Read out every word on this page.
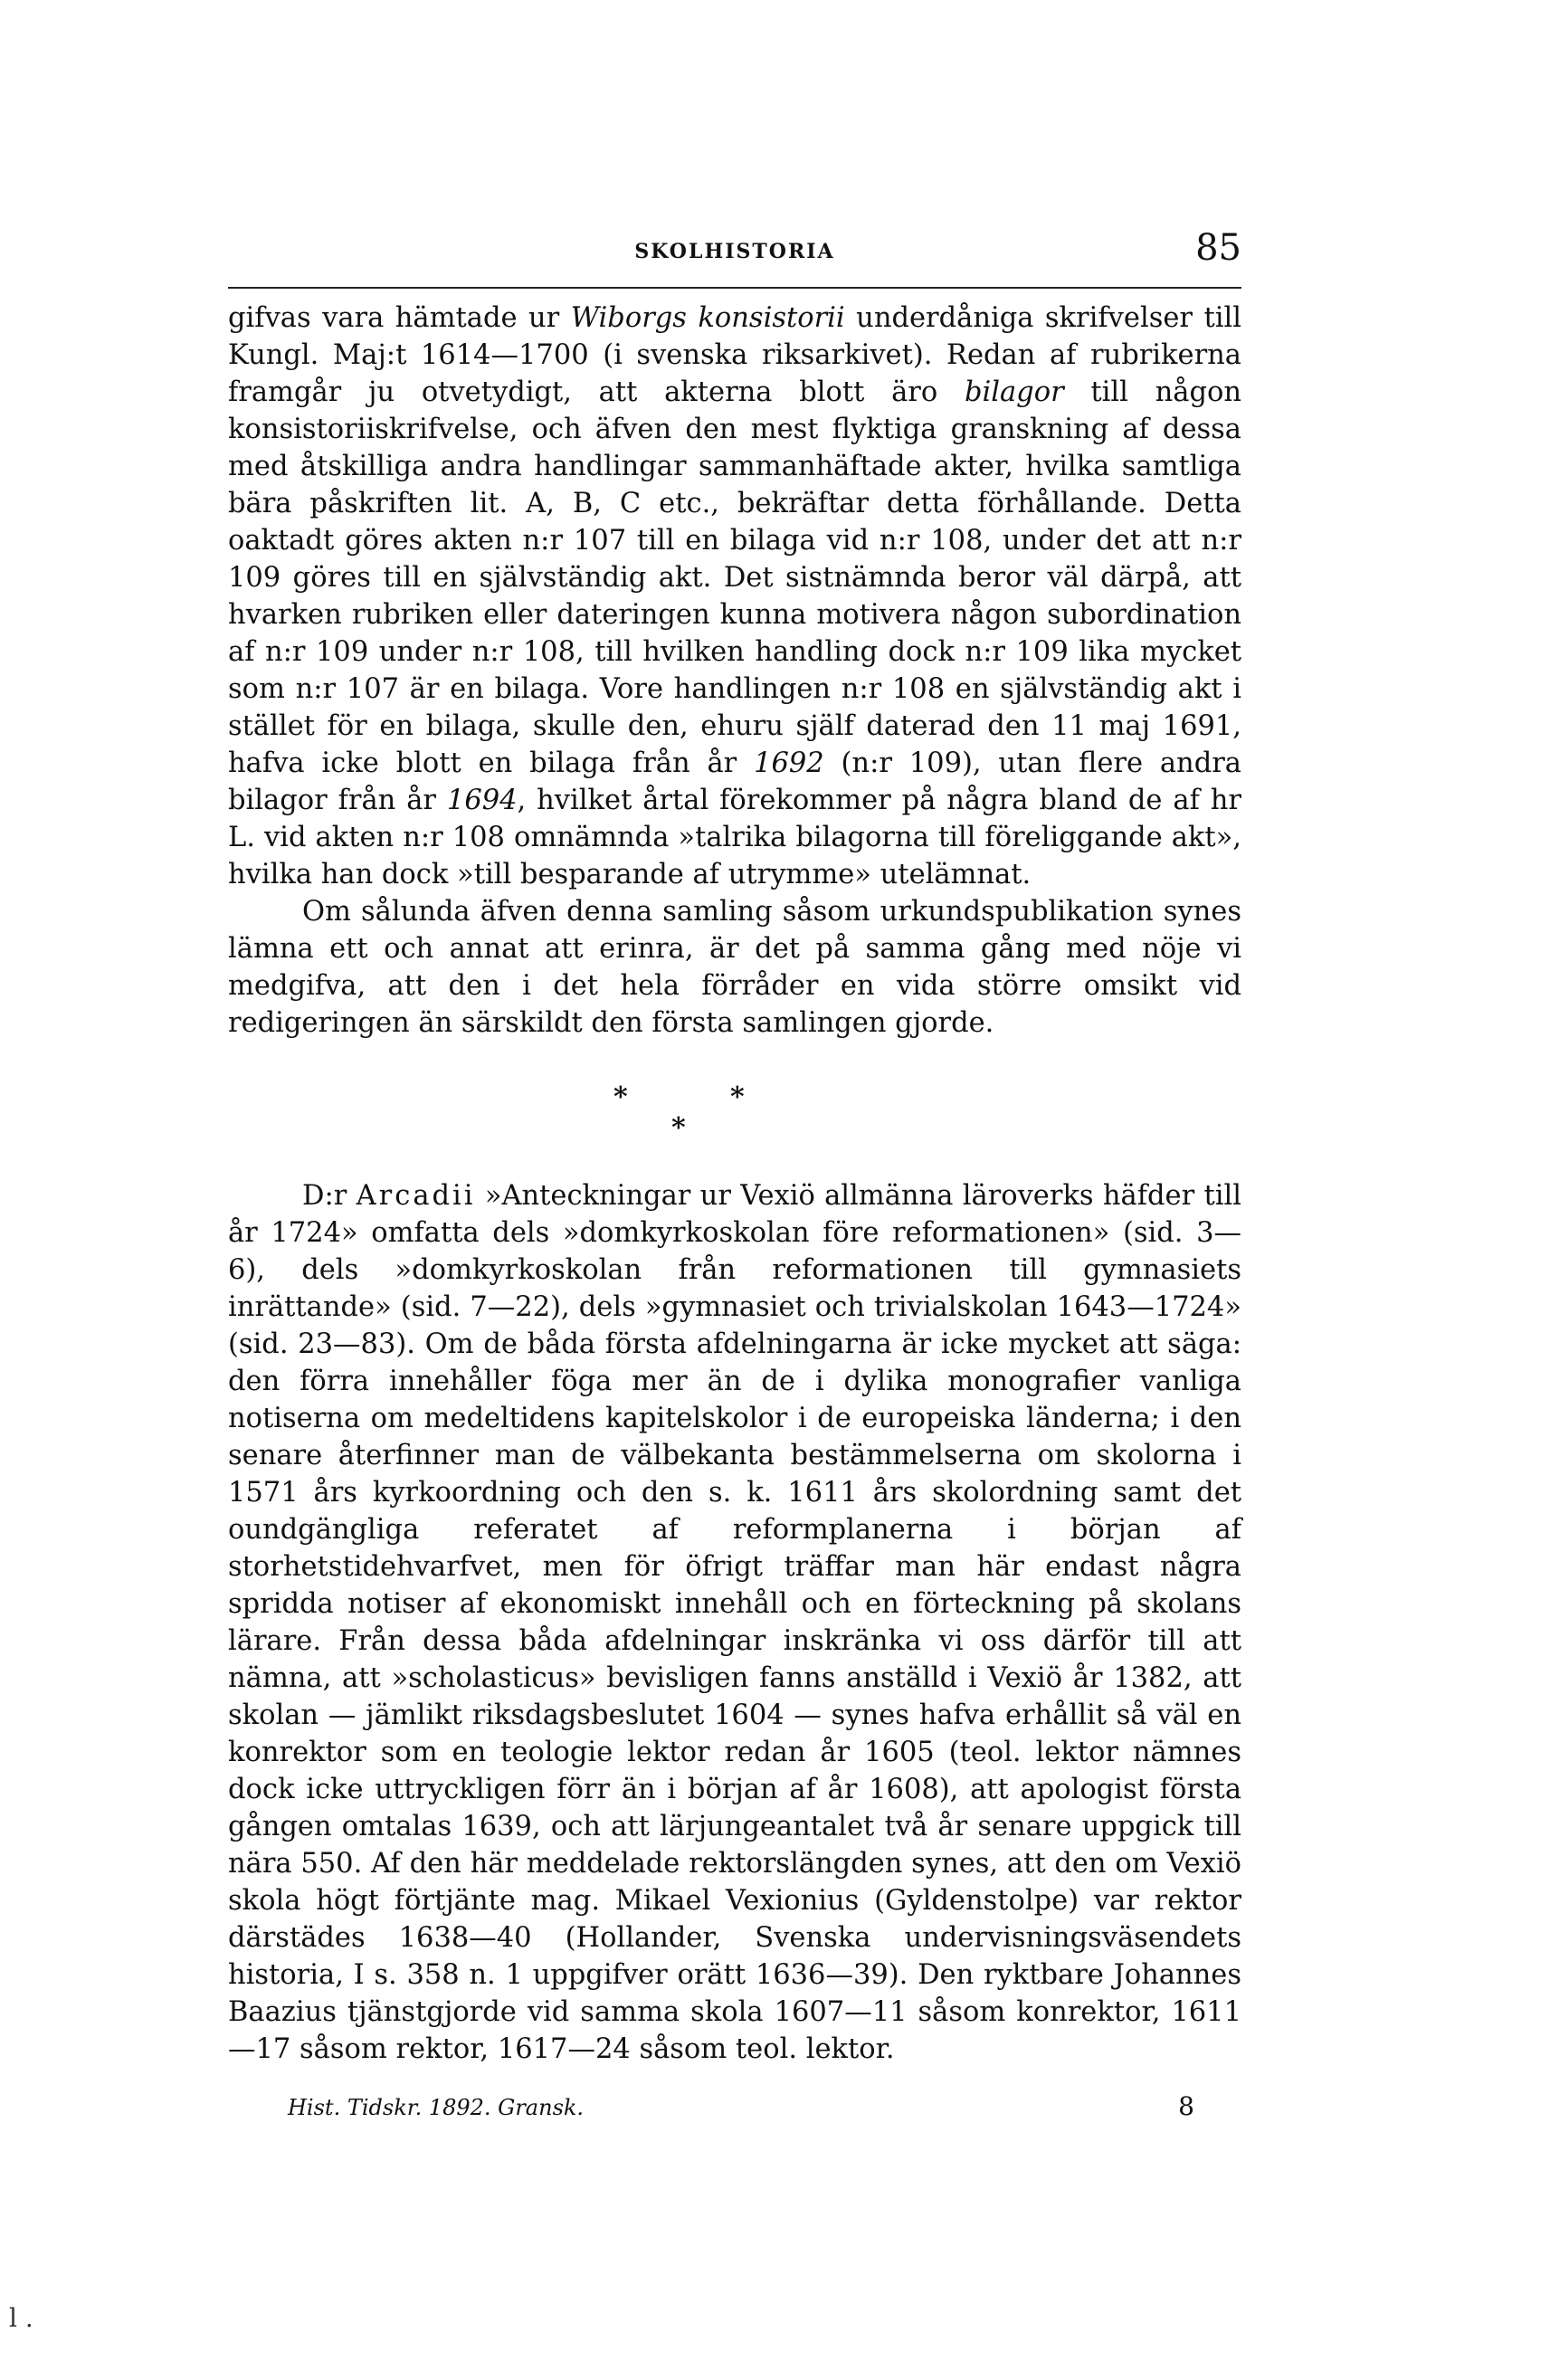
SKOLHISTORIA	85

gifvas vara hämtade ur Wiborgs konsistorii underdåniga skrifvelser till Kungl. Maj:t 1614—1700 (i svenska riksarkivet). Redan af rubrikerna framgår ju otvetydigt, att akterna blott äro bilagor till någon konsistoriiskrifvelse, och äfven den mest flyktiga granskning af dessa med åtskilliga andra handlingar sammanhäftade akter, hvilka samtliga bära påskriften lit. A, B, C etc., bekräftar detta förhållande. Detta oaktadt göres akten n:r 107 till en bilaga vid n:r 108, under det att n:r 109 göres till en självständig akt. Det sistnämnda beror väl därpå, att hvarken rubriken eller dateringen kunna motivera någon subordination af n:r 109 under n:r 108, till hvilken handling dock n:r 109 lika mycket som n:r 107 är en bilaga. Vore handlingen n:r 108 en självständig akt i stället för en bilaga, skulle den, ehuru själf daterad den 11 maj 1691, hafva icke blott en bilaga från år 1692 (n:r 109), utan flere andra bilagor från år 1694, hvilket årtal förekommer på några bland de af hr L. vid akten n:r 108 omnämnda »talrika bilagorna till föreliggande akt», hvilka han dock »till besparande af utrymme» utelämnat.

Om sålunda äfven denna samling såsom urkundspublikation synes lämna ett och annat att erinra, är det på samma gång med nöje vi medgifva, att den i det hela förråder en vida större omsikt vid redigeringen än särskildt den första samlingen gjorde.

*
*
*

D:r Arcadii »Anteckningar ur Vexiö allmänna läroverks häfder till år 1724» omfatta dels »domkyrkoskolan före reformationen» (sid. 3—6), dels »domkyrkoskolan från reformationen till gymnasiets inrättande» (sid. 7—22), dels »gymnasiet och trivialskolan 1643—1724» (sid. 23—83). Om de båda första afdelningarna är icke mycket att säga: den förra innehåller föga mer än de i dylika monografier vanliga notiserna om medeltidens kapitelskolor i de europeiska länderna; i den senare återfinner man de välbekanta bestämmelserna om skolorna i 1571 års kyrkoordning och den s. k. 1611 års skolordning samt det oundgängliga referatet af reformplanerna i början af storhetstidehvarfvet, men för öfrigt träffar man här endast några spridda notiser af ekonomiskt innehåll och en förteckning på skolans lärare. Från dessa båda afdelningar inskränka vi oss därför till att nämna, att »scholasticus» bevisligen fanns anställd i Vexiö år 1382, att skolan — jämlikt riksdagsbeslutet 1604 — synes hafva erhållit så väl en konrektor som en teologie lektor redan år 1605 (teol. lektor nämnes dock icke uttryckligen förr än i början af år 1608), att apologist första gången omtalas 1639, och att lärjungeantalet två år senare uppgick till nära 550. Af den här meddelade rektorslängden synes, att den om Vexiö skola högt förtjänte mag. Mikael Vexionius (Gyldenstolpe) var rektor därstädes 1638—40 (Hollander, Svenska undervisningsväsendets historia, I s. 358 n. 1 uppgifver orätt 1636—39). Den ryktbare Johannes Baazius tjänstgjorde vid samma skola 1607—11 såsom konrektor, 1611—17 såsom rektor, 1617—24 såsom teol. lektor.

Hist. Tidskr. 1892. Gransk.	8
l .
